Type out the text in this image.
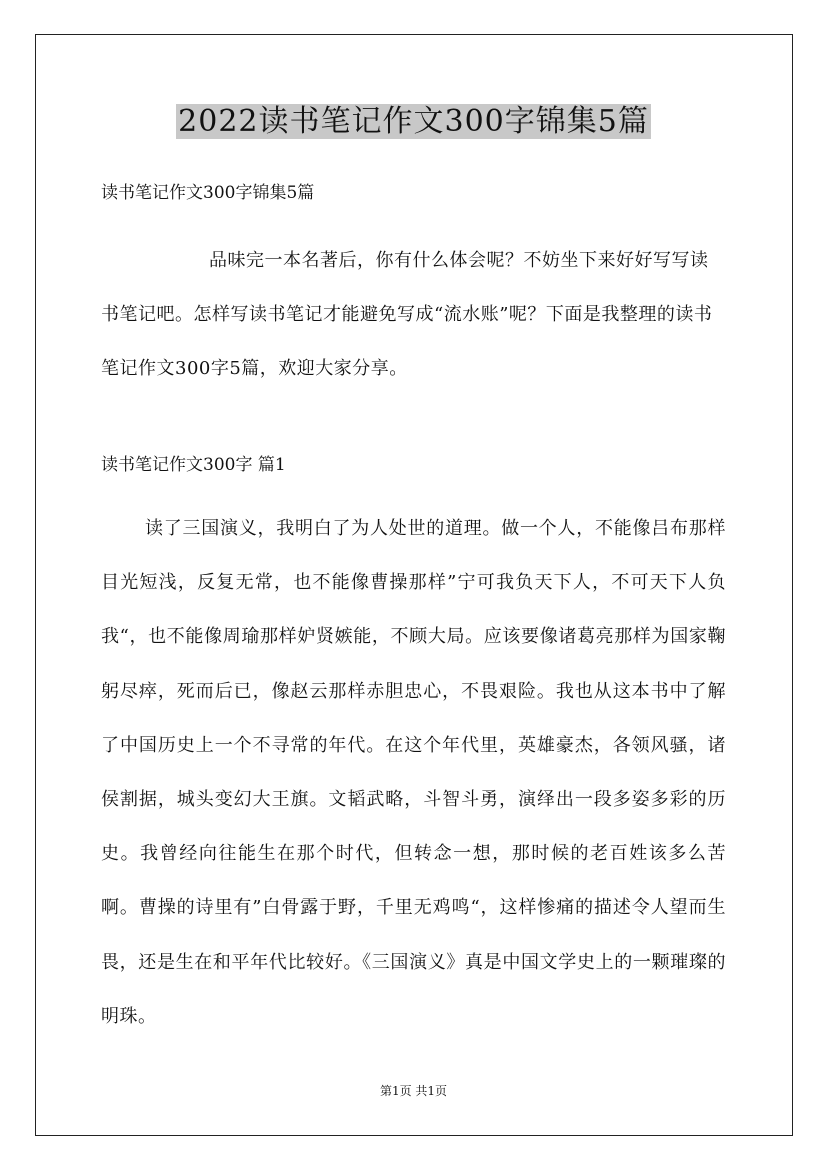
2022读书笔记作文300字锦集5篇
读书笔记作文300字锦集5篇

品味完一本名著后，你有什么体会呢？不妨坐下来好好写写读书笔记吧。怎样写读书笔记才能避免写成“流水账”呢？下面是我整理的读书笔记作文300字5篇，欢迎大家分享。

读书笔记作文300字 篇1

读了三国演义，我明白了为人处世的道理。做一个人，不能像吕布那样目光短浅，反复无常，也不能像曹操那样”宁可我负天下人，不可天下人负我“，也不能像周瑜那样妒贤嫉能，不顾大局。应该要像诸葛亮那样为国家鞠躬尽瘁，死而后已，像赵云那样赤胆忠心，不畏艰险。我也从这本书中了解了中国历史上一个不寻常的年代。在这个年代里，英雄豪杰，各领风骚，诸侯割据，城头变幻大王旗。文韬武略，斗智斗勇，演绎出一段多姿多彩的历史。我曾经向往能生在那个时代，但转念一想，那时候的老百姓该多么苦啊。曹操的诗里有”白骨露于野，千里无鸡鸣“，这样惨痛的描述令人望而生畏，还是生在和平年代比较好。《三国演义》真是中国文学史上的一颗璀璨的明珠。

第1页 共1页
